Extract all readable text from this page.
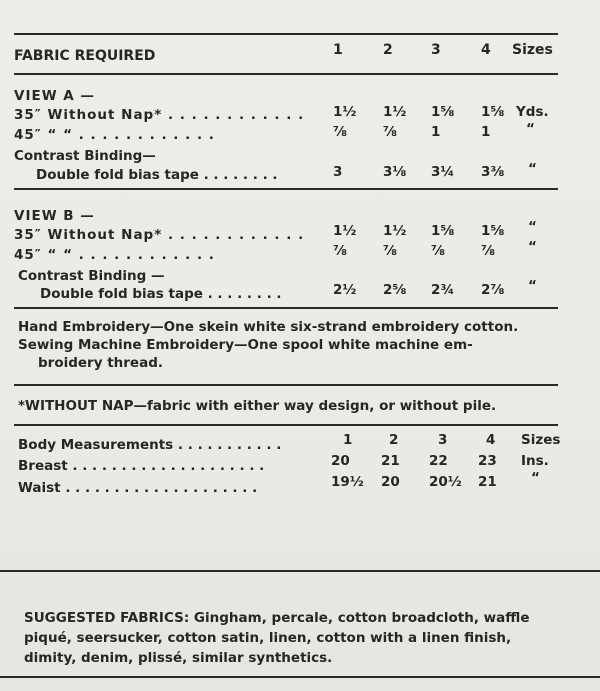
FABRIC REQUIRED	1	2	3	4	Sizes
VIEW A —
35″ Without Nap* . . . . . . . . . . . . 1½	1½	1⅝	1⅝ Yds.
45″ “ “ . . . . . . . . . . . .	⅞	⅞	1	1	“
Contrast Binding—
Double fold bias tape . . . . . . . .	3	3⅛	3¼	3⅜	“
VIEW B —
35″ Without Nap* . . . . . . . . . . . . 1½	1½	1⅝	1⅝	“
45″ “ “ . . . . . . . . . . . .	⅞	⅞	⅞	⅞	“
Contrast Binding —
Double fold bias tape . . . . . . . .	2½	2⅝	2¾	2⅞	“
Hand Embroidery—One skein white six-strand embroidery cotton.
Sewing Machine Embroidery—One spool white machine em-
broidery thread.
*WITHOUT NAP—fabric with either way design, or without pile.
Body Measurements . . . . . . . . . . .	1	2	3	4	Sizes
Breast . . . . . . . . . . . . . . . . . . . .	20 21 22 23 Ins.
Waist . . . . . . . . . . . . . . . . . . . .	19½ 20 20½ 21	“
SUGGESTED FABRICS: Gingham, percale, cotton broadcloth, waffle
piqué, seersucker, cotton satin, linen, cotton with a linen finish,
dimity, denim, plissé, similar synthetics.
